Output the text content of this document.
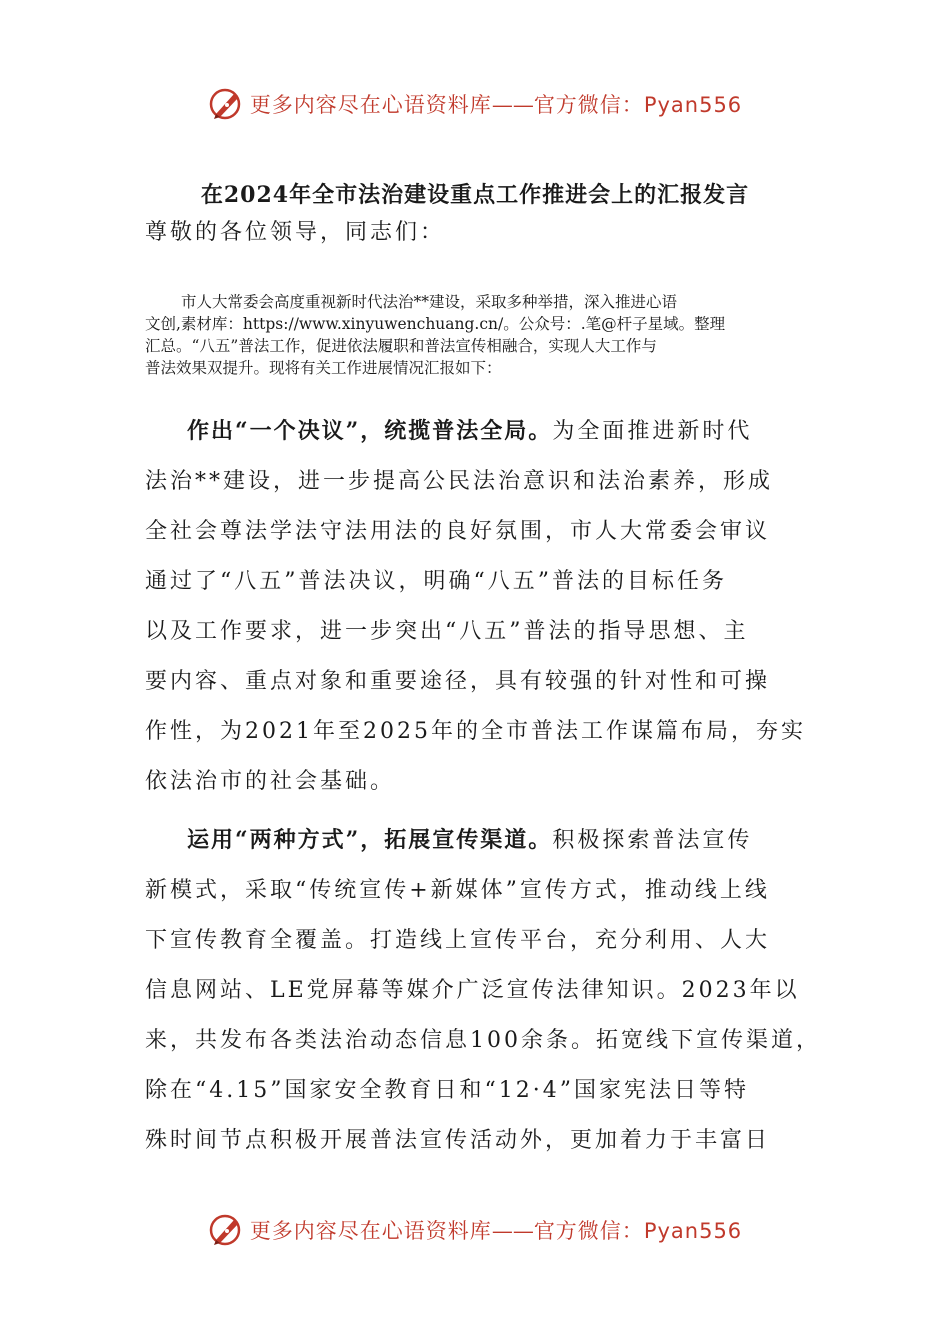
更多内容尽在心语资料库——官方微信：Pyan556
在2024年全市法治建设重点工作推进会上的汇报发言
尊敬的各位领导，同志们：
市人大常委会高度重视新时代法治**建设，采取多种举措，深入推进心语
文创,素材库：https://www.xinyuwenchuang.cn/。公众号：.笔@杆子星域。整理
汇总。“八五”普法工作，促进依法履职和普法宣传相融合，实现人大工作与
普法效果双提升。现将有关工作进展情况汇报如下：
作出“一个决议”，统揽普法全局。为全面推进新时代
法治**建设，进一步提高公民法治意识和法治素养，形成
全社会尊法学法守法用法的良好氛围，市人大常委会审议
通过了“八五”普法决议，明确“八五”普法的目标任务
以及工作要求，进一步突出“八五”普法的指导思想、主
要内容、重点对象和重要途径，具有较强的针对性和可操
作性，为2021年至2025年的全市普法工作谋篇布局，夯实
依法治市的社会基础。
运用“两种方式”，拓展宣传渠道。积极探索普法宣传
新模式，采取“传统宣传+新媒体”宣传方式，推动线上线
下宣传教育全覆盖。打造线上宣传平台，充分利用、人大
信息网站、LE党屏幕等媒介广泛宣传法律知识。2023年以
来，共发布各类法治动态信息100余条。拓宽线下宣传渠道，
除在“4.15”国家安全教育日和“12·4”国家宪法日等特
殊时间节点积极开展普法宣传活动外，更加着力于丰富日
更多内容尽在心语资料库——官方微信：Pyan556
